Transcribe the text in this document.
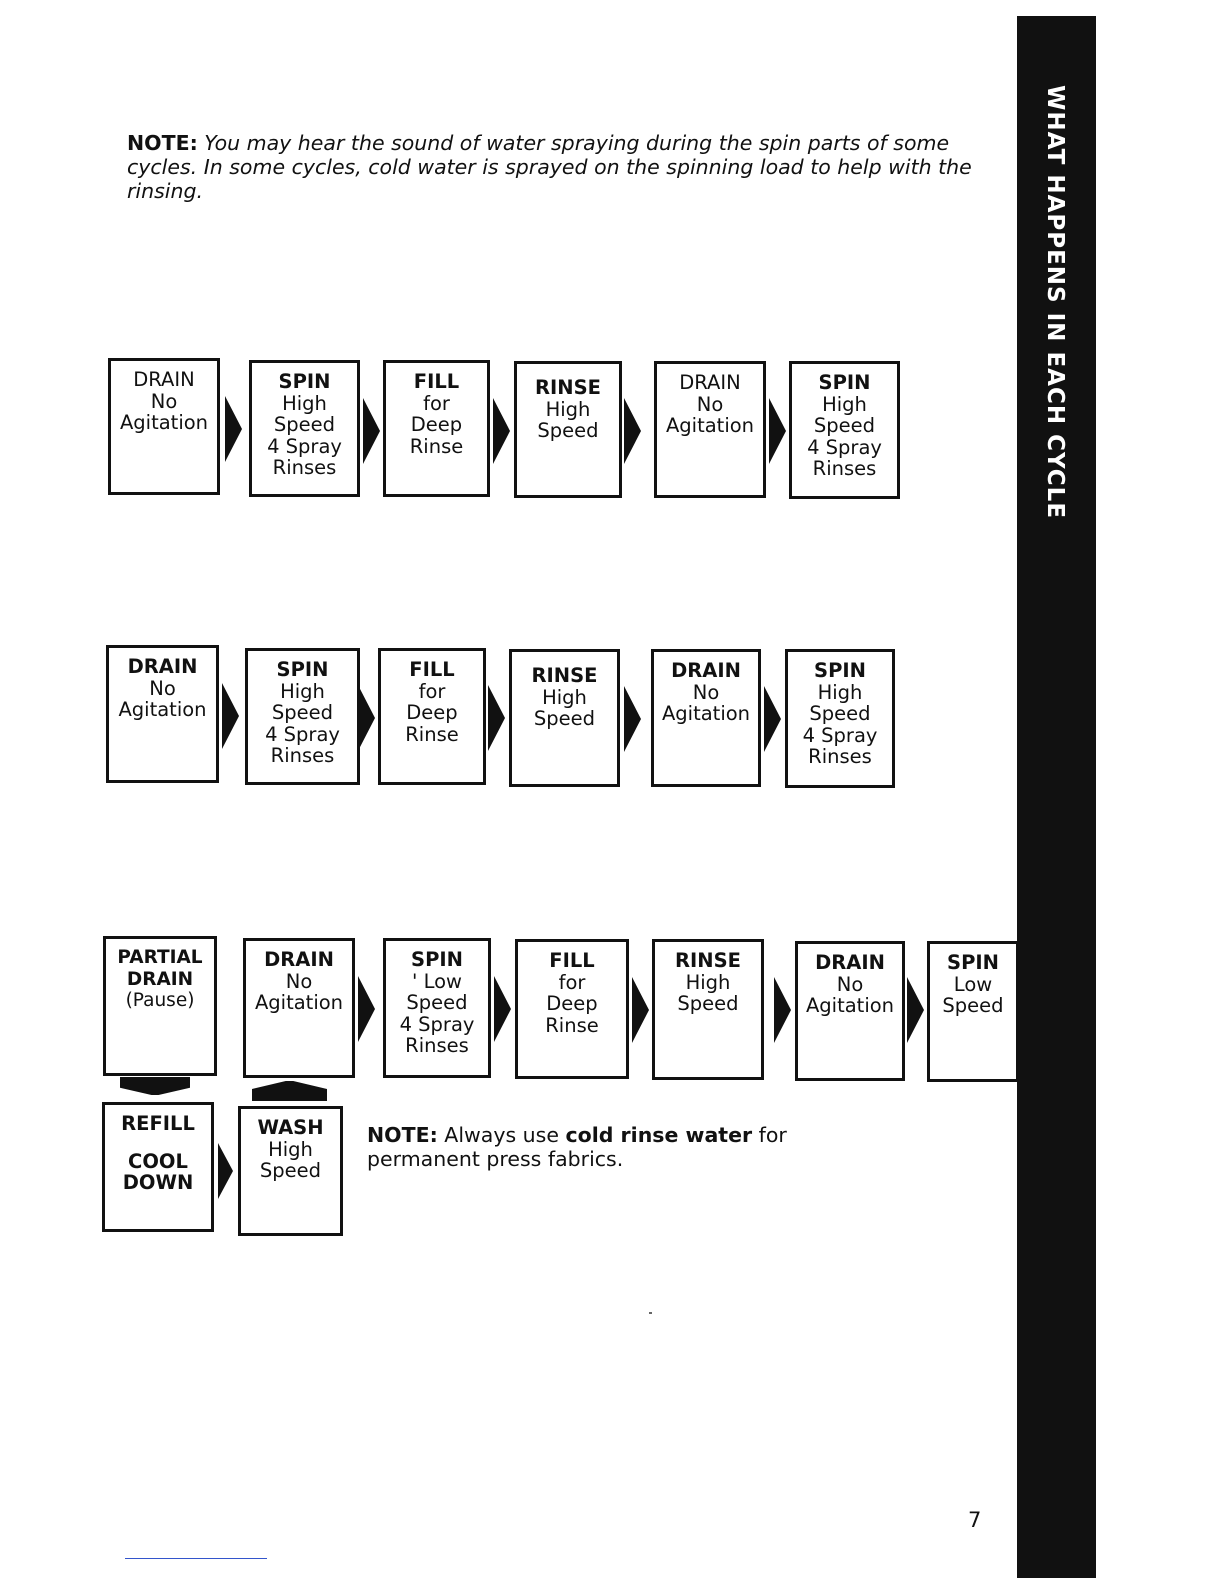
WHAT HAPPENS IN EACH CYCLE
NOTE: You may hear the sound of water spraying during the spin parts of some cycles. In some cycles, cold water is sprayed on the spinning load to help with the rinsing.
DRAIN
No
Agitation
SPIN
High
Speed
4 Spray
Rinses
FILL
for
Deep
Rinse
RINSE
High
Speed
DRAIN
No
Agitation
SPIN
High
Speed
4 Spray
Rinses
DRAIN
No
Agitation
SPIN
High
Speed
4 Spray
Rinses
FILL
for
Deep
Rinse
RINSE
High
Speed
DRAIN
No
Agitation
SPIN
High
Speed
4 Spray
Rinses
PARTIAL
DRAIN
(Pause)
DRAIN
No
Agitation
SPIN
' Low
Speed
4 Spray
Rinses
FILL
for
Deep
Rinse
RINSE
High
Speed
DRAIN
No
Agitation
SPIN
Low
Speed
REFILL
COOL
DOWN
WASH
High
Speed
NOTE: Always use cold rinse water for permanent press fabrics.
7
